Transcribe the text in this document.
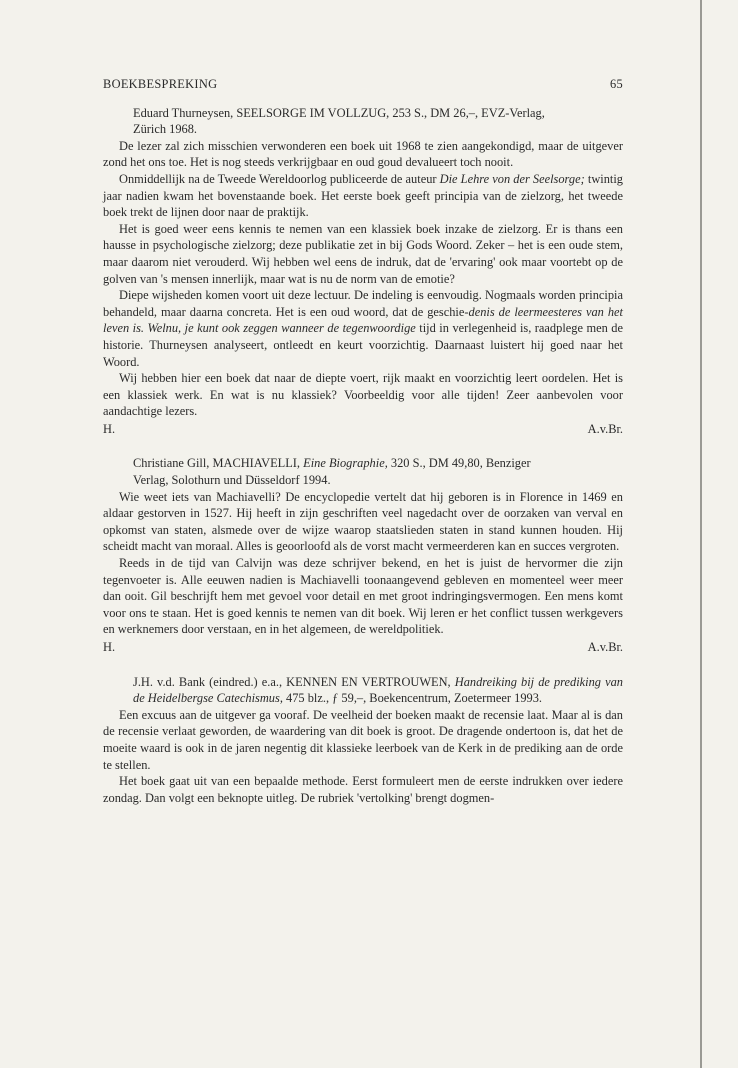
BOEKBESPREKING	65
Eduard Thurneysen, SEELSORGE IM VOLLZUG, 253 S., DM 26,–, EVZ-Verlag,
Zürich 1968.

De lezer zal zich misschien verwonderen een boek uit 1968 te zien aangekondigd, maar de uitgever zond het ons toe. Het is nog steeds verkrijgbaar en oud goud devalueert toch nooit.

Onmiddellijk na de Tweede Wereldoorlog publiceerde de auteur Die Lehre von der Seelsorge; twintig jaar nadien kwam het bovenstaande boek. Het eerste boek geeft principia van de zielzorg, het tweede boek trekt de lijnen door naar de praktijk.

Het is goed weer eens kennis te nemen van een klassiek boek inzake de zielzorg. Er is thans een hausse in psychologische zielzorg; deze publikatie zet in bij Gods Woord. Zeker – het is een oude stem, maar daarom niet verouderd. Wij hebben wel eens de indruk, dat de 'ervaring' ook maar voortebt op de golven van 's mensen innerlijk, maar wat is nu de norm van de emotie?

Diepe wijsheden komen voort uit deze lectuur. De indeling is eenvoudig. Nogmaals worden principia behandeld, maar daarna concreta. Het is een oud woord, dat de geschie-denis de leermeesteres van het leven is. Welnu, je kunt ook zeggen wanneer de tegenwoordige tijd in verlegenheid is, raadplege men de historie. Thurneysen analyseert, ontleedt en keurt voorzichtig. Daarnaast luistert hij goed naar het Woord.

Wij hebben hier een boek dat naar de diepte voert, rijk maakt en voorzichtig leert oordelen. Het is een klassiek werk. En wat is nu klassiek? Voorbeeldig voor alle tijden! Zeer aanbevolen voor aandachtige lezers.

H.	A.v.Br.
Christiane Gill, MACHIAVELLI, Eine Biographie, 320 S., DM 49,80, Benziger
Verlag, Solothurn und Düsseldorf 1994.

Wie weet iets van Machiavelli? De encyclopedie vertelt dat hij geboren is in Florence in 1469 en aldaar gestorven in 1527. Hij heeft in zijn geschriften veel nagedacht over de oorzaken van verval en opkomst van staten, alsmede over de wijze waarop staatslieden staten in stand kunnen houden. Hij scheidt macht van moraal. Alles is geoorloofd als de vorst macht vermeerderen kan en succes vergroten.

Reeds in de tijd van Calvijn was deze schrijver bekend, en het is juist de hervormer die zijn tegenvoeter is. Alle eeuwen nadien is Machiavelli toonaangevend gebleven en momenteel weer meer dan ooit. Gil beschrijft hem met gevoel voor detail en met groot indringingsvermogen. Een mens komt voor ons te staan. Het is goed kennis te nemen van dit boek. Wij leren er het conflict tussen werkgevers en werknemers door verstaan, en in het algemeen, de wereldpolitiek.

H.	A.v.Br.
J.H. v.d. Bank (eindred.) e.a., KENNEN EN VERTROUWEN, Handreiking bij de prediking van de Heidelbergse Catechismus, 475 blz., ƒ 59,–, Boekencentrum, Zoetermeer 1993.

Een excuus aan de uitgever ga vooraf. De veelheid der boeken maakt de recensie laat. Maar al is dan de recensie verlaat geworden, de waardering van dit boek is groot. De dragende ondertoon is, dat het de moeite waard is ook in de jaren negentig dit klassieke leerboek van de Kerk in de prediking aan de orde te stellen.

Het boek gaat uit van een bepaalde methode. Eerst formuleert men de eerste indrukken over iedere zondag. Dan volgt een beknopte uitleg. De rubriek 'vertolking' brengt dogmen-
